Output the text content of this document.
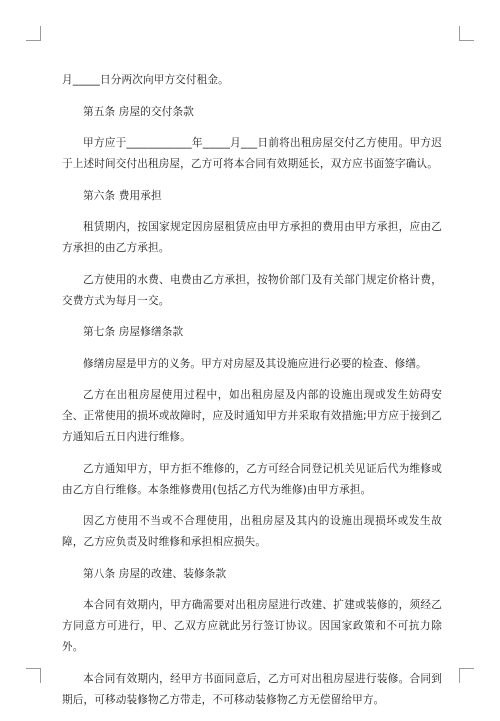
月_____日分两次向甲方交付租金。

第五条 房屋的交付条款

甲方应于____________年_____月___日前将出租房屋交付乙方使用。甲方迟于上述时间交付出租房屋，乙方可将本合同有效期延长，双方应书面签字确认。

第六条 费用承担

租赁期内，按国家规定因房屋租赁应由甲方承担的费用由甲方承担，应由乙方承担的由乙方承担。

乙方使用的水费、电费由乙方承担，按物价部门及有关部门规定价格计费，交费方式为每月一交。

第七条 房屋修缮条款

修缮房屋是甲方的义务。甲方对房屋及其设施应进行必要的检查、修缮。

乙方在出租房屋使用过程中，如出租房屋及内部的设施出现或发生妨碍安全、正常使用的损坏或故障时，应及时通知甲方并采取有效措施;甲方应于接到乙方通知后五日内进行维修。

乙方通知甲方，甲方拒不维修的，乙方可经合同登记机关见证后代为维修或由乙方自行维修。本条维修费用(包括乙方代为维修)由甲方承担。

因乙方使用不当或不合理使用，出租房屋及其内的设施出现损坏或发生故障，乙方应负责及时维修和承担相应损失。

第八条 房屋的改建、装修条款

本合同有效期内，甲方确需要对出租房屋进行改建、扩建或装修的，须经乙方同意方可进行，甲、乙双方应就此另行签订协议。因国家政策和不可抗力除外。

本合同有效期内，经甲方书面同意后，乙方可对出租房屋进行装修。合同到期后，可移动装修物乙方带走，不可移动装修物乙方无偿留给甲方。
